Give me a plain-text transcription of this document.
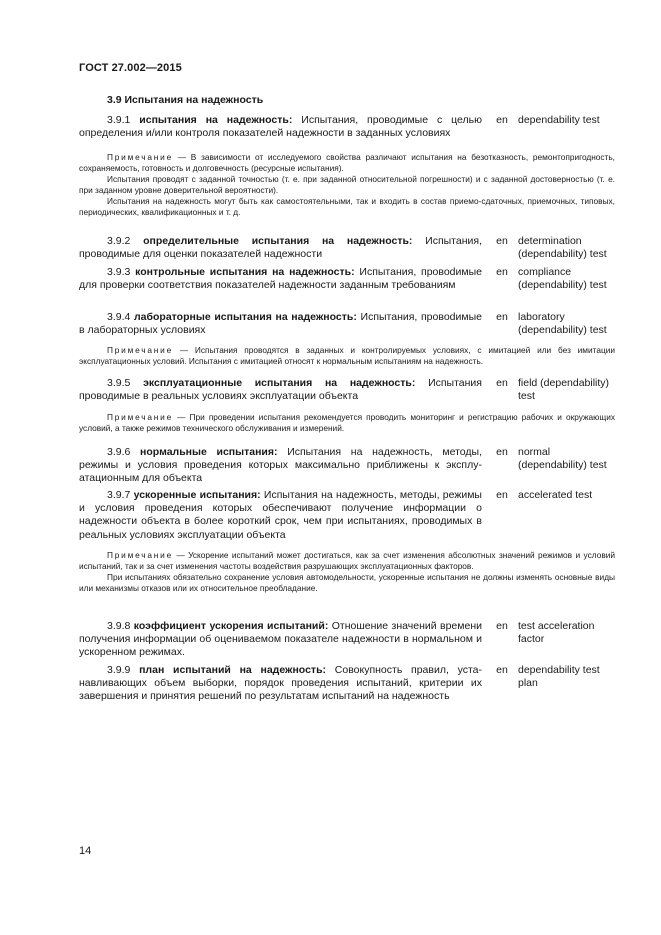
ГОСТ 27.002—2015
3.9 Испытания на надежность
3.9.1 испытания на надежность: Испытания, проводимые с целью определения и/или контроля показателей надежности в заданных условиях
en dependability test

Примечание — В зависимости от исследуемого свойства различают испытания на безотказность, ремонтопригодность, сохраняемость, готовность и долговечность (ресурсные испытания).

Испытания проводят с заданной точностью (т. е. при заданной относительной погрешности) и с заданной достоверностью (т. е. при заданном уровне доверительной вероятности).

Испытания на надежность могут быть как самостоятельными, так и входить в состав приемо-сдаточных, приемочных, типовых, периодических, квалификационных и т. д.

3.9.2 определительные испытания на надежность: Испытания, проводимые для оценки показателей надежности
en determination (dependability) test
3.9.3 контрольные испытания на надежность: Испытания, провоdимые для проверки соответствия показателей надежности заданным требованиям
en compliance (dependability) test
3.9.4 лабораторные испытания на надежность: Испытания, провоdимые в лабораторных условиях
en laboratory (dependability) test

Примечание — Испытания проводятся в заданных и контролируемых условиях, с имитацией или без имитации эксплуатационных условий. Испытания с имитацией относят к нормальным испытаниям на надежность.

3.9.5 эксплуатационные испытания на надежность: Испытания проводимые в реальных условиях эксплуатации объекта
en field (dependability) test

Примечание — При проведении испытания рекомендуется проводить мониторинг и регистрацию рабочих и окружающих условий, а также режимов технического обслуживания и измерений.

3.9.6 нормальные испытания: Испытания на надежность, методы, режимы и условия проведения которых максимально приближены к эксплуатационным для объекта
en normal (dependability) test
3.9.7 ускоренные испытания: Испытания на надежность, методы, режимы и условия проведения которых обеспечивают получение информации о надежности объекта в более короткий срок, чем при испытаниях, проводимых в реальных условиях эксплуатации объекта
en accelerated test

Примечание — Ускорение испытаний может достигаться, как за счет изменения абсолютных значений режимов и условий испытаний, так и за счет изменения частоты воздействия разрушающих эксплуатационных факторов.

При испытаниях обязательно сохранение условия автомодельности, ускоренные испытания не должны изменять основные виды или механизмы отказов или их относительное преобладание.

3.9.8 коэффициент ускорения испытаний: Отношение значений времени получения информации об оцениваемом показателе надежности в нормальном и ускоренном режимах.
en test acceleration factor
3.9.9 план испытаний на надежность: Совокупность правил, устанавливающих объем выборки, порядок проведения испытаний, критерии их завершения и принятия решений по результатам испытаний на надежность
en dependability test plan
14
